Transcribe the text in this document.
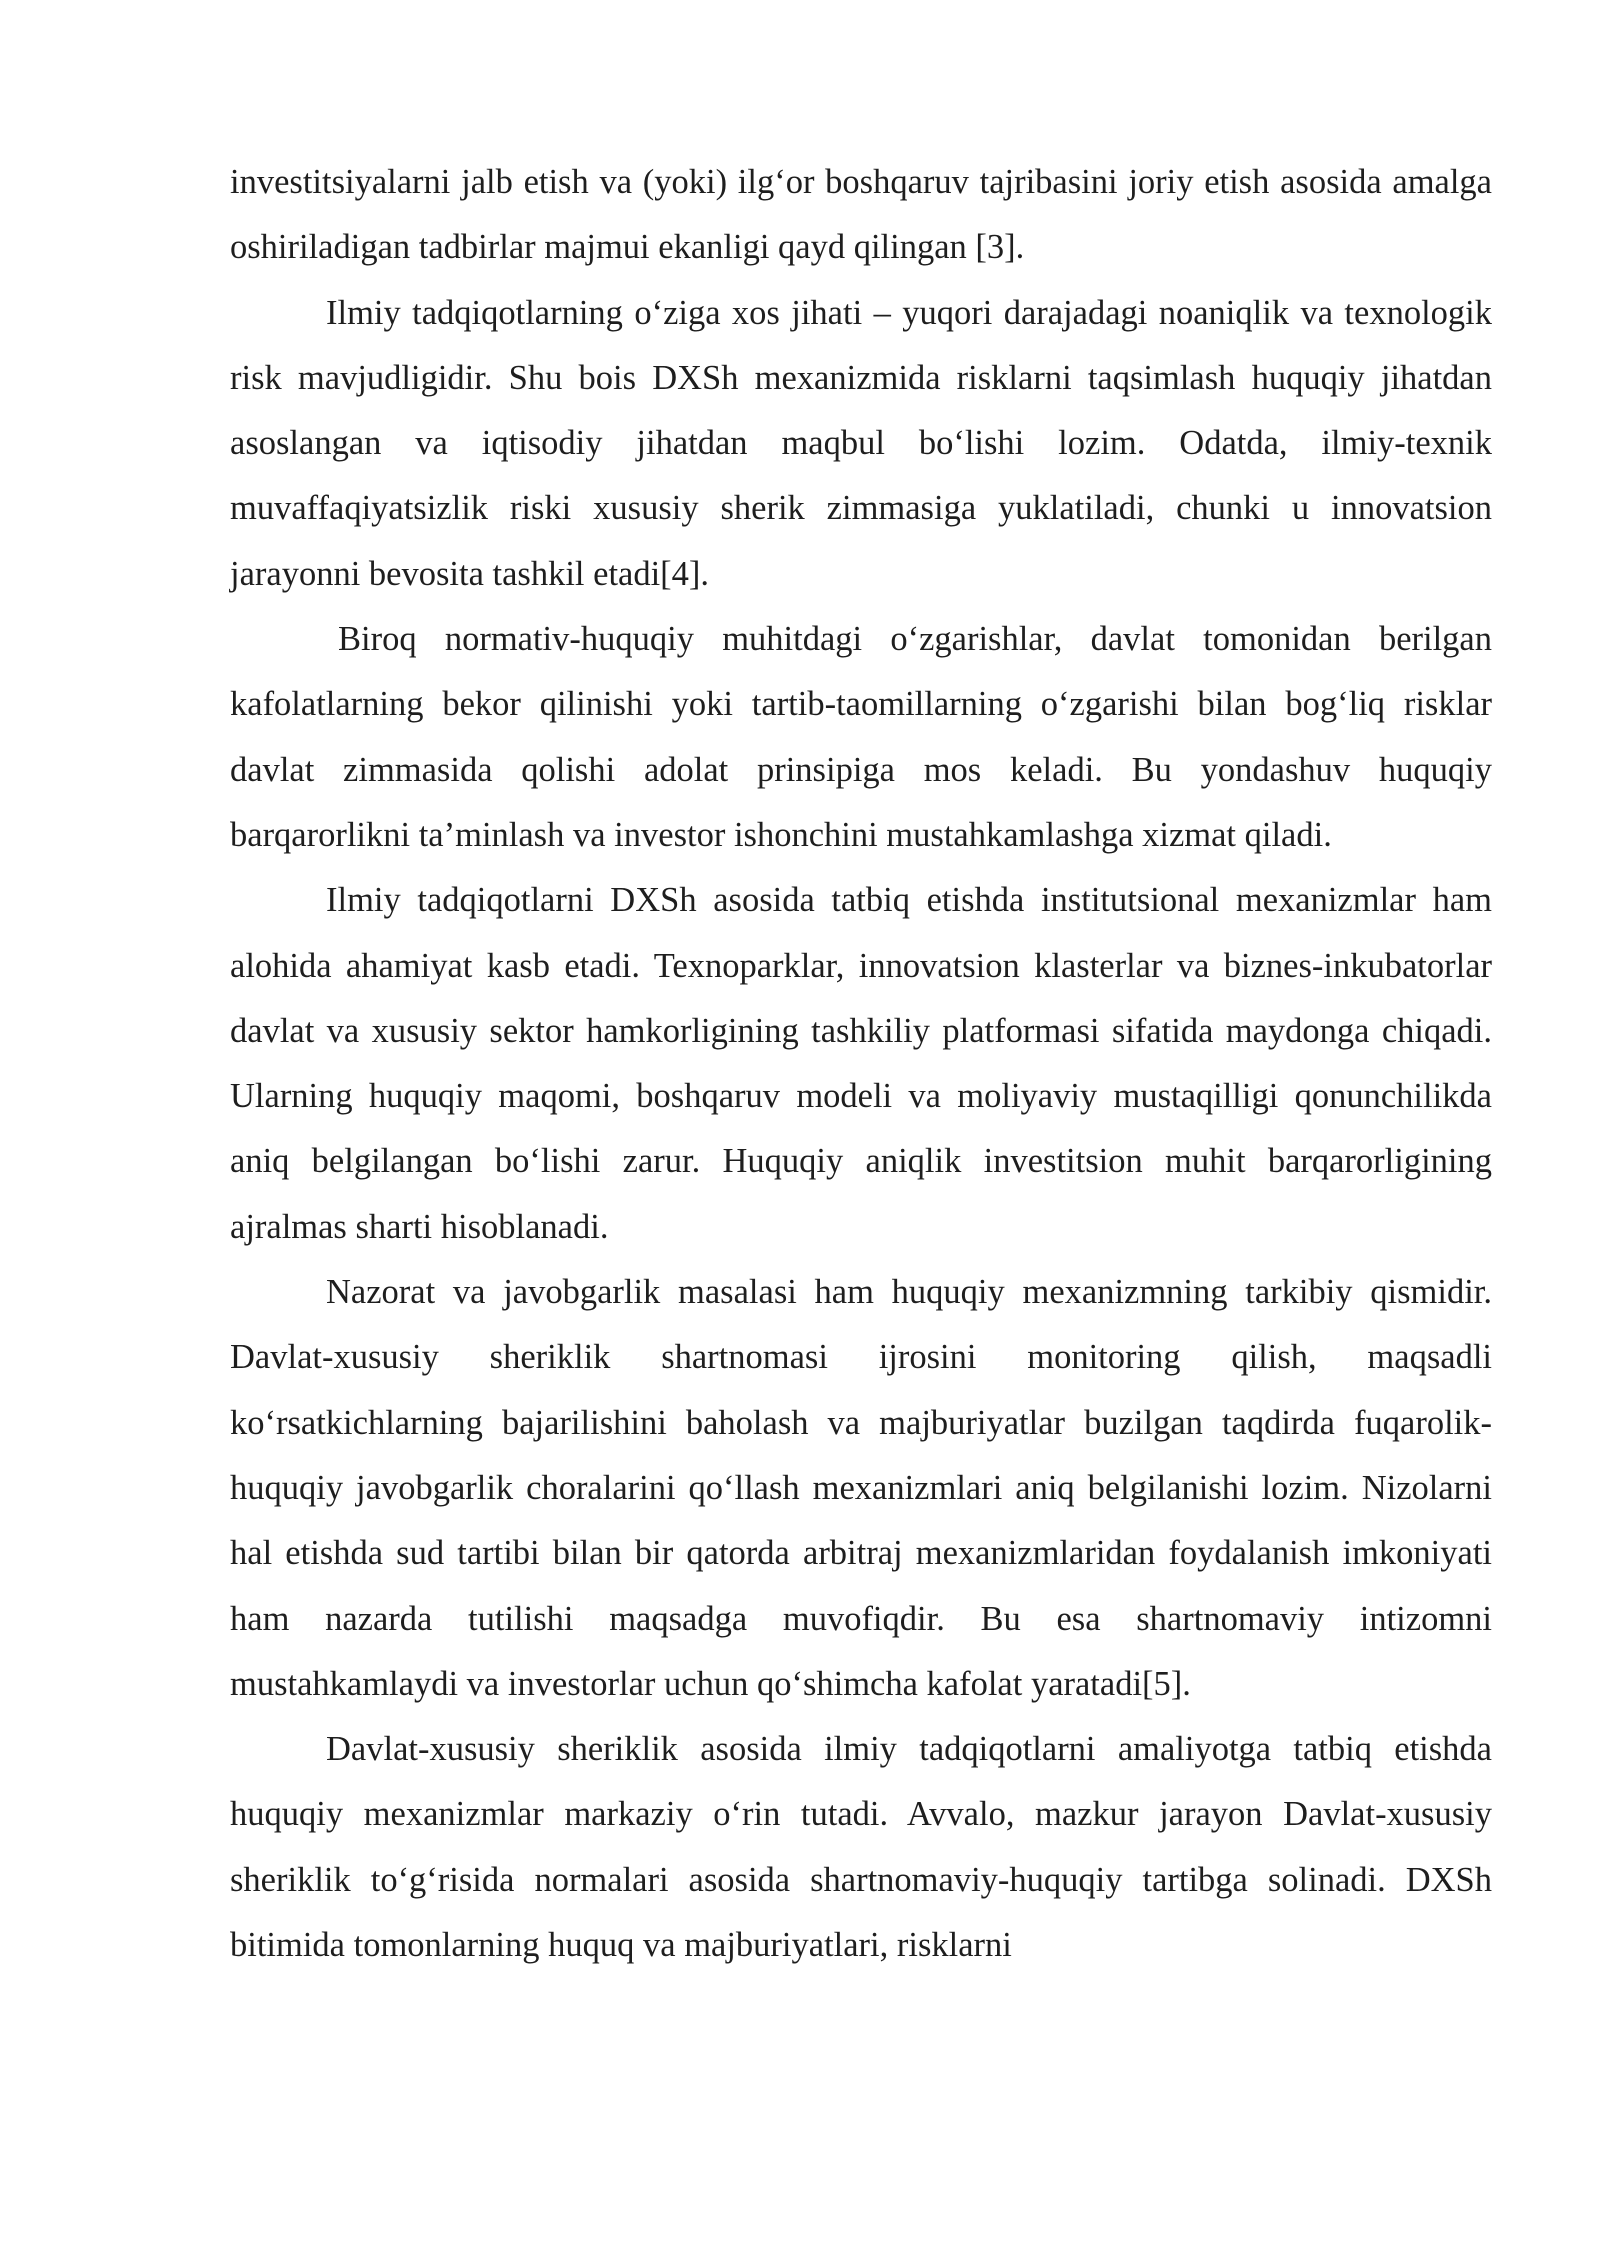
investitsiyalarni jalb etish va (yoki) ilg‘or boshqaruv tajribasini joriy etish asosida amalga oshiriladigan tadbirlar majmui ekanligi qayd qilingan [3].

Ilmiy tadqiqotlarning o‘ziga xos jihati – yuqori darajadagi noaniqlik va texnologik risk mavjudligidir. Shu bois DXSh mexanizmida risklarni taqsimlash huquqiy jihatdan asoslangan va iqtisodiy jihatdan maqbul bo‘lishi lozim. Odatda, ilmiy-texnik muvaffaqiyatsizlik riski xususiy sherik zimmasiga yuklatiladi, chunki u innovatsion jarayonni bevosita tashkil etadi[4].

Biroq normativ-huquqiy muhitdagi o‘zgarishlar, davlat tomonidan berilgan kafolatlarning bekor qilinishi yoki tartib-taomillarning o‘zgarishi bilan bog‘liq risklar davlat zimmasida qolishi adolat prinsipiga mos keladi. Bu yondashuv huquqiy barqarorlikni ta’minlash va investor ishonchini mustahkamlashga xizmat qiladi.

Ilmiy tadqiqotlarni DXSh asosida tatbiq etishda institutsional mexanizmlar ham alohida ahamiyat kasb etadi. Texnoparklar, innovatsion klasterlar va biznes-inkubatorlar davlat va xususiy sektor hamkorligining tashkiliy platformasi sifatida maydonga chiqadi. Ularning huquqiy maqomi, boshqaruv modeli va moliyaviy mustaqilligi qonunchilikda aniq belgilangan bo‘lishi zarur. Huquqiy aniqlik investitsion muhit barqarorligining ajralmas sharti hisoblanadi.

Nazorat va javobgarlik masalasi ham huquqiy mexanizmning tarkibiy qismidir. Davlat-xususiy sheriklik shartnomasi ijrosini monitoring qilish, maqsadli ko‘rsatkichlarning bajarilishini baholash va majburiyatlar buzilgan taqdirda fuqarolik-huquqiy javobgarlik choralarini qo‘llash mexanizmlari aniq belgilanishi lozim. Nizolarni hal etishda sud tartibi bilan bir qatorda arbitraj mexanizmlaridan foydalanish imkoniyati ham nazarda tutilishi maqsadga muvofiqdir. Bu esa shartnomaviy intizomni mustahkamlaydi va investorlar uchun qo‘shimcha kafolat yaratadi[5].

Davlat-xususiy sheriklik asosida ilmiy tadqiqotlarni amaliyotga tatbiq etishda huquqiy mexanizmlar markaziy o‘rin tutadi. Avvalo, mazkur jarayon Davlat-xususiy sheriklik to‘g‘risida normalari asosida shartnomaviy-huquqiy tartibga solinadi. DXSh bitimida tomonlarning huquq va majburiyatlari, risklarni
